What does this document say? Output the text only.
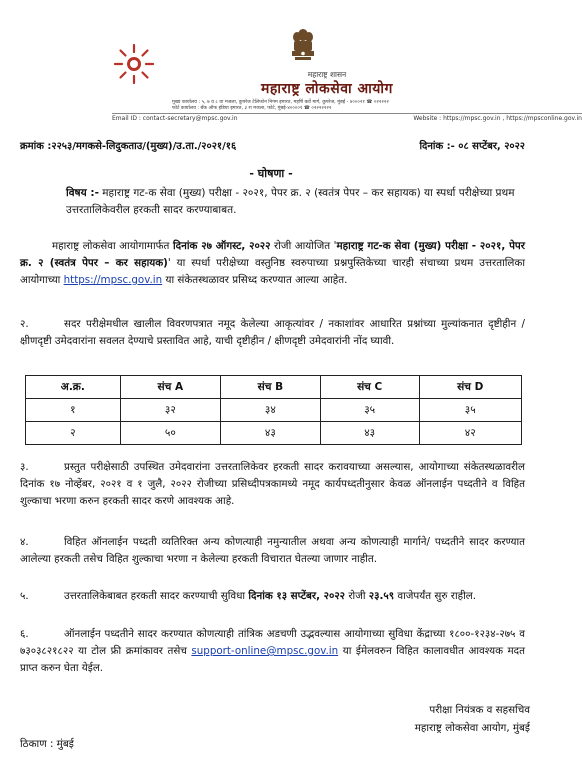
महाराष्ट्र शासन
महाराष्ट्र लोकसेवा आयोग
मुख्य कार्यालय : ५, ७ व ८ वा मजला, कुपरेज टेलिफोन निगम इमारत, महर्षि कर्वे मार्ग, कुपरेज, मुंबई - ४०००२१ ☎ ०२२२२२
फोर्ट कार्यालय : बँक ऑफ इंडिया इमारत, ३ रा मजला, फोर्ट, मुंबई-४००००१ ☎ ०२२२२२२२
Email ID : contact-secretary@mpsc.gov.in	Website : https://mpsc.gov.in , https://mpsconline.gov.in
क्रमांक :२२५३/मगकसे-लिदुकताउ/(मुख्य)/उ.ता./२०२१/१६	दिनांक :- ०८ सप्टेंबर, २०२२
- घोषणा -
विषय :- महाराष्ट्र गट-क सेवा (मुख्य) परीक्षा - २०२१, पेपर क्र. २ (स्वतंत्र पेपर – कर सहायक) या स्पर्धा परीक्षेच्या प्रथम उत्तरतालिकेवरील हरकती सादर करण्याबाबत.
महाराष्ट्र लोकसेवा आयोगामार्फत दिनांक २७ ऑगस्ट, २०२२ रोजी आयोजित 'महाराष्ट्र गट-क सेवा (मुख्य) परीक्षा - २०२१, पेपर क्र. २ (स्वतंत्र पेपर – कर सहायक)' या स्पर्धा परीक्षेच्या वस्तुनिष्ठ स्वरुपाच्या प्रश्नपुस्तिकेच्या चारही संचाच्या प्रथम उत्तरतालिका आयोगाच्या https://mpsc.gov.in या संकेतस्थळावर प्रसिध्द करण्यात आल्या आहेत.
२.	सदर परीक्षेमधील खालील विवरणपत्रात नमूद केलेल्या आकृत्यांवर / नकाशांवर आधारित प्रश्नांच्या मुल्यांकनात दृष्टीहीन / क्षीणदृष्टी उमेदवारांना सवलत देण्याचे प्रस्तावित आहे, याची दृष्टीहीन / क्षीणदृष्टी उमेदवारांनी नोंद घ्यावी.
अ.क्र.	संच A	संच B	संच C	संच D
१	३२	३४	३५	३५
२	५०	४३	४३	४२
३.	प्रस्तुत परीक्षेसाठी उपस्थित उमेदवारांना उत्तरतालिकेवर हरकती सादर करावयाच्या असल्यास, आयोगाच्या संकेतस्थळावरील दिनांक १७ नोव्हेंबर, २०२१ व १ जुलै, २०२२ रोजीच्या प्रसिध्दीपत्रकामध्ये नमूद कार्यपध्दतीनुसार केवळ ऑनलाईन पध्दतीने व विहित शुल्काचा भरणा करुन हरकती सादर करणे आवश्यक आहे.
४.	विहित ऑनलाईन पध्दती व्यतिरिक्त अन्य कोणत्याही नमुन्यातील अथवा अन्य कोणत्याही मार्गाने/ पध्दतीने सादर करण्यात आलेल्या हरकती तसेच विहित शुल्काचा भरणा न केलेल्या हरकती विचारात घेतल्या जाणार नाहीत.
५.	उत्तरतालिकेबाबत हरकती सादर करण्याची सुविधा दिनांक १३ सप्टेंबर, २०२२ रोजी २३.५९ वाजेपर्यंत सुरु राहील.
६.	ऑनलाईन पध्दतीने सादर करण्यात कोणत्याही तांत्रिक अडचणी उद्भवल्यास आयोगाच्या सुविधा केंद्राच्या १८००-१२३४-२७५ व ७३०३८२१८२२ या टोल फ्री क्रमांकावर तसेच support-online@mpsc.gov.in या ईमेलवरुन विहित कालावधीत आवश्यक मदत प्राप्त करुन घेता येईल.
परीक्षा नियंत्रक व सहसचिव
महाराष्ट्र लोकसेवा आयोग, मुंबई
ठिकाण : मुंबई
